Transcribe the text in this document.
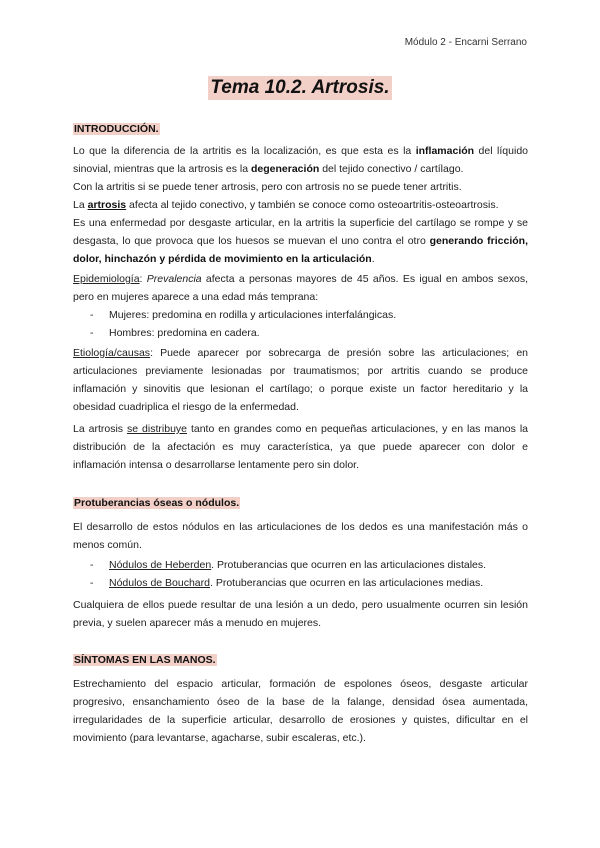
Módulo 2 - Encarni Serrano
Tema 10.2. Artrosis.

INTRODUCCIÓN.

Lo que la diferencia de la artritis es la localización, es que esta es la inflamación del líquido sinovial, mientras que la artrosis es la degeneración del tejido conectivo / cartílago.

Con la artritis si se puede tener artrosis, pero con artrosis no se puede tener artritis.

La artrosis afecta al tejido conectivo, y también se conoce como osteoartritis-osteoartrosis.

Es una enfermedad por desgaste articular, en la artritis la superficie del cartílago se rompe y se desgasta, lo que provoca que los huesos se muevan el uno contra el otro generando fricción, dolor, hinchazón y pérdida de movimiento en la articulación.

Epidemiología: Prevalencia afecta a personas mayores de 45 años. Es igual en ambos sexos, pero en mujeres aparece a una edad más temprana:

- Mujeres: predomina en rodilla y articulaciones interfalángicas.
- Hombres: predomina en cadera.

Etiología/causas: Puede aparecer por sobrecarga de presión sobre las articulaciones; en articulaciones previamente lesionadas por traumatismos; por artritis cuando se produce inflamación y sinovitis que lesionan el cartílago; o porque existe un factor hereditario y la obesidad cuadriplica el riesgo de la enfermedad.

La artrosis se distribuye tanto en grandes como en pequeñas articulaciones, y en las manos la distribución de la afectación es muy característica, ya que puede aparecer con dolor e inflamación intensa o desarrollarse lentamente pero sin dolor.

Protuberancias óseas o nódulos.

El desarrollo de estos nódulos en las articulaciones de los dedos es una manifestación más o menos común.

- Nódulos de Heberden. Protuberancias que ocurren en las articulaciones distales.
- Nódulos de Bouchard. Protuberancias que ocurren en las articulaciones medias.

Cualquiera de ellos puede resultar de una lesión a un dedo, pero usualmente ocurren sin lesión previa, y suelen aparecer más a menudo en mujeres.

SÍNTOMAS EN LAS MANOS.

Estrechamiento del espacio articular, formación de espolones óseos, desgaste articular progresivo, ensanchamiento óseo de la base de la falange, densidad ósea aumentada, irregularidades de la superficie articular, desarrollo de erosiones y quistes, dificultar en el movimiento (para levantarse, agacharse, subir escaleras, etc.).
